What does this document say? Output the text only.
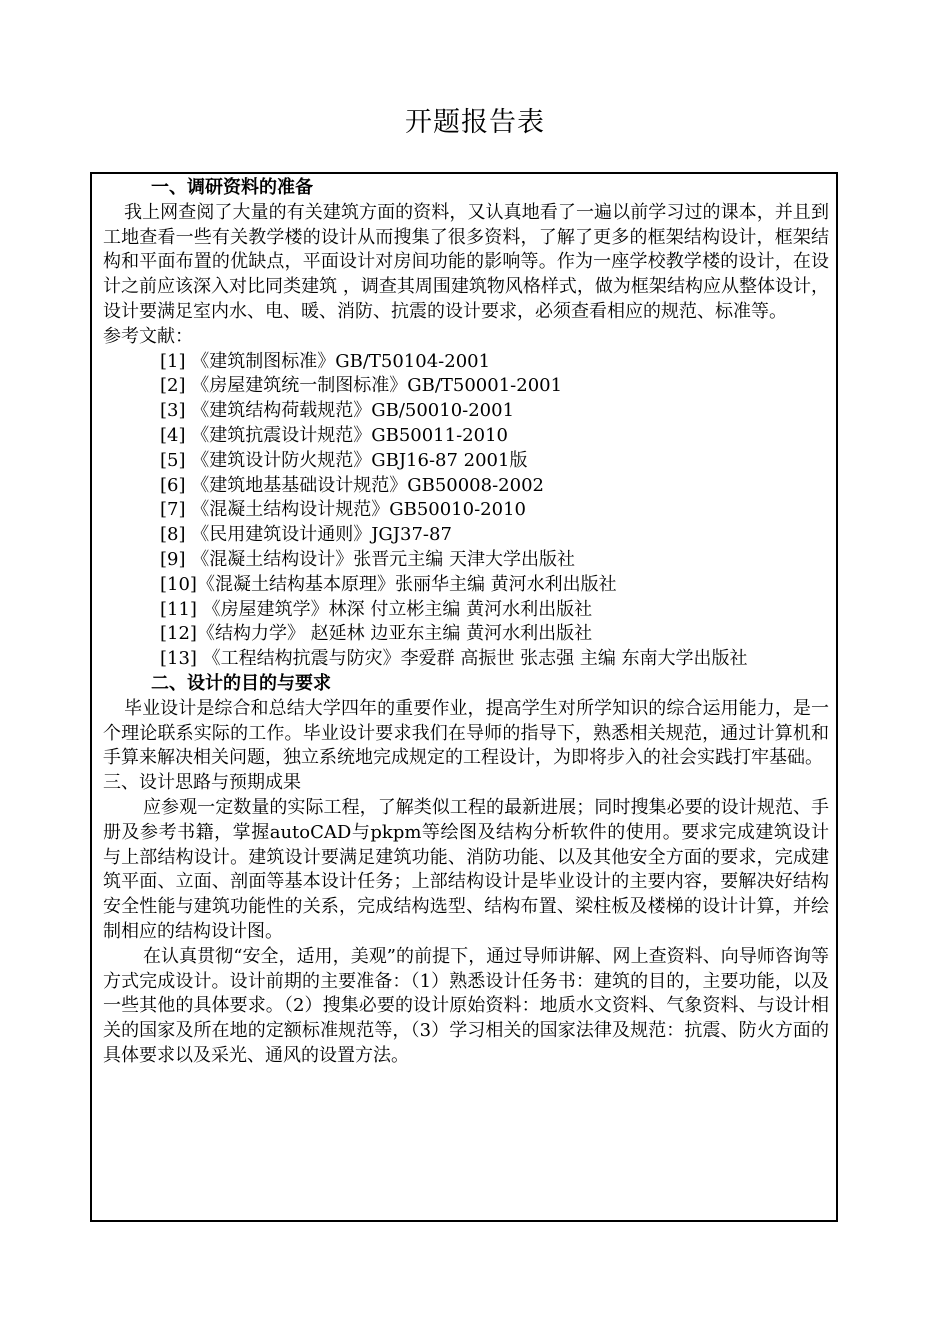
开题报告表

一、调研资料的准备

我上网查阅了大量的有关建筑方面的资料，又认真地看了一遍以前学习过的课本，并且到工地查看一些有关教学楼的设计从而搜集了很多资料，了解了更多的框架结构设计，框架结构和平面布置的优缺点，平面设计对房间功能的影响等。作为一座学校教学楼的设计，在设计之前应该深入对比同类建筑 ，调查其周围建筑物风格样式，做为框架结构应从整体设计，设计要满足室内水、电、暖、消防、抗震的设计要求，必须查看相应的规范、标准等。

参考文献：

[1] 《建筑制图标准》GB/T50104-2001

[2] 《房屋建筑统一制图标准》GB/T50001-2001

[3] 《建筑结构荷载规范》GB/50010-2001

[4] 《建筑抗震设计规范》GB50011-2010

[5] 《建筑设计防火规范》GBJ16-87 2001版

[6] 《建筑地基基础设计规范》GB50008-2002

[7] 《混凝土结构设计规范》GB50010-2010

[8] 《民用建筑设计通则》JGJ37-87

[9] 《混凝土结构设计》张晋元主编 天津大学出版社

[10]《混凝土结构基本原理》张丽华主编 黄河水利出版社

[11] 《房屋建筑学》林深 付立彬主编 黄河水利出版社

[12]《结构力学》 赵延林 边亚东主编 黄河水利出版社

[13] 《工程结构抗震与防灾》李爱群 高振世 张志强 主编 东南大学出版社

二、设计的目的与要求

毕业设计是综合和总结大学四年的重要作业，提高学生对所学知识的综合运用能力，是一个理论联系实际的工作。毕业设计要求我们在导师的指导下，熟悉相关规范，通过计算机和手算来解决相关问题，独立系统地完成规定的工程设计，为即将步入的社会实践打牢基础。

三、设计思路与预期成果

应参观一定数量的实际工程，了解类似工程的最新进展；同时搜集必要的设计规范、手册及参考书籍，掌握autoCAD与pkpm等绘图及结构分析软件的使用。要求完成建筑设计与上部结构设计。建筑设计要满足建筑功能、消防功能、以及其他安全方面的要求，完成建筑平面、立面、剖面等基本设计任务；上部结构设计是毕业设计的主要内容，要解决好结构安全性能与建筑功能性的关系，完成结构选型、结构布置、梁柱板及楼梯的设计计算，并绘制相应的结构设计图。

在认真贯彻“安全，适用，美观”的前提下，通过导师讲解、网上查资料、向导师咨询等方式完成设计。设计前期的主要准备：（1）熟悉设计任务书：建筑的目的，主要功能，以及一些其他的具体要求。（2）搜集必要的设计原始资料：地质水文资料、气象资料、与设计相关的国家及所在地的定额标准规范等，（3）学习相关的国家法律及规范：抗震、防火方面的具体要求以及采光、通风的设置方法。
